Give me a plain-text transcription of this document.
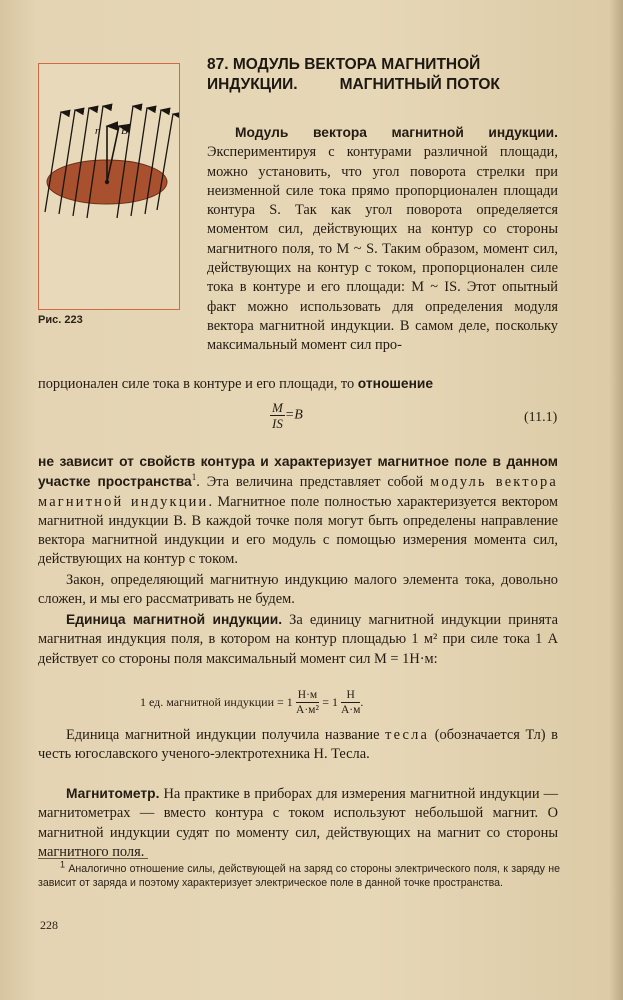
n B
Рис. 223
87. МОДУЛЬ ВЕКТОРА МАГНИТНОЙ
ИНДУКЦИИ.	МАГНИТНЫЙ ПОТОК
Модуль вектора магнитной индукции. Экспериментируя с контурами различной площади, можно установить, что угол поворота стрелки при неизменной силе тока прямо пропорционален площади контура S. Так как угол поворота определяется моментом сил, действующих на контур со стороны магнитного поля, то M ~ S. Таким образом, момент сил, действующих на контур с током, пропорционален силе тока в контуре и его площади: M ~ IS. Этот опытный факт можно использовать для определения модуля вектора магнитной индукции. В самом деле, поскольку максимальный момент сил про-
порционален силе тока в контуре и его площади, то отношение
$\frac{M}{IS} =B$	(11.1)
не зависит от свойств контура и характеризует магнитное поле в данном участке пространства$^1$. Эта величина представляет собой модуль вектора магнитной индукции. Магнитное поле полностью характеризуется вектором магнитной индукции B. В каждой точке поля могут быть определены направление вектора магнитной индукции и его модуль с помощью измерения момента сил, действующих на контур с током.
Закон, определяющий магнитную индукцию малого элемента тока, довольно сложен, и мы его рассматривать не будем.
Единица магнитной индукции. За единицу магнитной индукции принята магнитная индукция поля, в котором на контур площадью 1 м² при силе тока 1 А действует со стороны поля максимальный момент сил M = 1Н·м:
1 ед. магнитной индукции = $1 \frac{Н\cdot м}{\text{А·м²}} = 1 \frac{Н}{А\cdot м}$ .
Единица магнитной индукции получила название тесла (обозначается Тл) в честь югославского ученого-электротехника Н. Тесла.
Магнитометр. На практике в приборах для измерения магнитной индукции — магнитометрах — вместо контура с током используют небольшой магнит. О магнитной индукции судят по моменту сил, действующих на магнит со стороны магнитного поля.
$^1$ Аналогично отношение силы, действующей на заряд со стороны электрического поля, к заряду не зависит от заряда и поэтому характеризует электрическое поле в данной точке пространства.
228
